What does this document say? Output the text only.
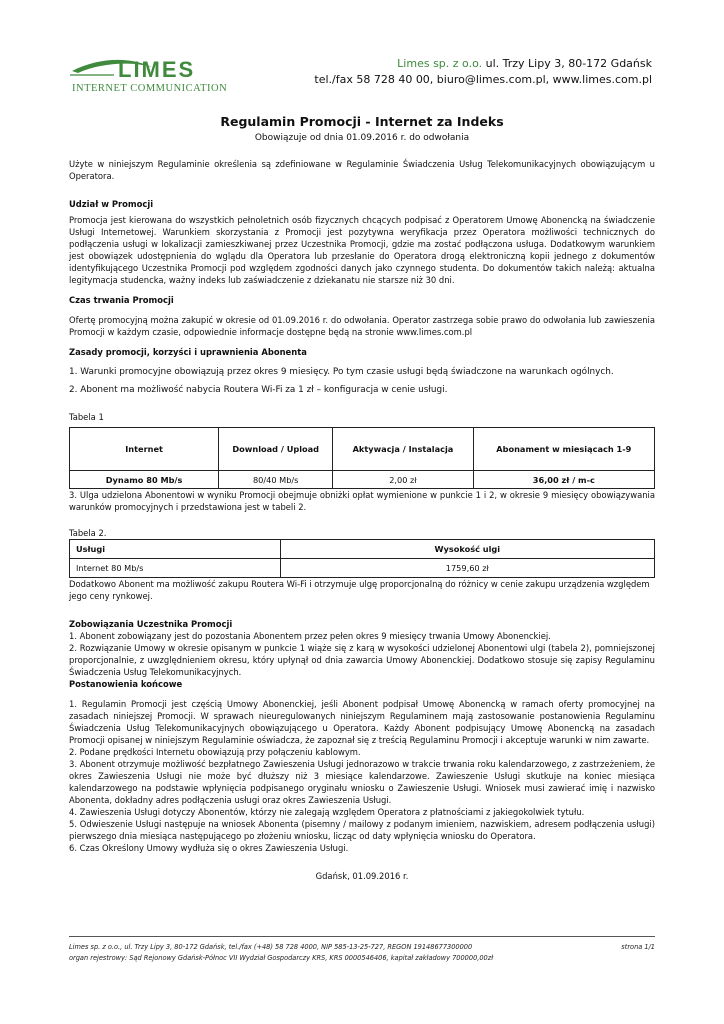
LIMES
INTERNET COMMUNICATION
Limes sp. z o.o. ul. Trzy Lipy 3, 80-172 Gdańsk
tel./fax 58 728 40 00, biuro@limes.com.pl, www.limes.com.pl
Regulamin Promocji - Internet za Indeks
Obowiązuje od dnia 01.09.2016 r. do odwołania

Użyte w niniejszym Regulaminie określenia są zdefiniowane w Regulaminie Świadczenia Usług Telekomunikacyjnych obowiązującym u Operatora.

Udział w Promocji

Promocja jest kierowana do wszystkich pełnoletnich osób fizycznych chcących podpisać z Operatorem Umowę Abonencką na świadczenie Usługi Internetowej. Warunkiem skorzystania z Promocji jest pozytywna weryfikacja przez Operatora możliwości technicznych do podłączenia usługi w lokalizacji zamieszkiwanej przez Uczestnika Promocji, gdzie ma zostać podłączona usługa. Dodatkowym warunkiem jest obowiązek udostępnienia do wglądu dla Operatora lub przesłanie do Operatora drogą elektroniczną kopii jednego z dokumentów identyfikującego Uczestnika Promocji pod względem zgodności danych jako czynnego studenta. Do dokumentów takich należą: aktualna legitymacja studencka, ważny indeks lub zaświadczenie z dziekanatu nie starsze niż 30 dni.

Czas trwania Promocji

Ofertę promocyjną można zakupić w okresie od 01.09.2016 r. do odwołania. Operator zastrzega sobie prawo do odwołania lub zawieszenia Promocji w każdym czasie, odpowiednie informacje dostępne będą na stronie www.limes.com.pl

Zasady promocji, korzyści i uprawnienia Abonenta

1. Warunki promocyjne obowiązują przez okres 9 miesięcy. Po tym czasie usługi będą świadczone na warunkach ogólnych.

2. Abonent ma możliwość nabycia Routera Wi-Fi za 1 zł – konfiguracja w cenie usługi.

Tabela 1

Internet	Download / Upload	Aktywacja / Instalacja	Abonament w miesiącach 1-9
Dynamo 80 Mb/s	80/40 Mb/s	2,00 zł	36,00 zł / m-c

3. Ulga udzielona Abonentowi w wyniku Promocji obejmuje obniżki opłat wymienione w punkcie 1 i 2, w okresie 9 miesięcy obowiązywania warunków promocyjnych i przedstawiona jest w tabeli 2.

Tabela 2.

Usługi	Wysokość ulgi
Internet 80 Mb/s	1759,60 zł

Dodatkowo Abonent ma możliwość zakupu Routera Wi-Fi i otrzymuje ulgę proporcjonalną do różnicy w cenie zakupu urządzenia względem jego ceny rynkowej.

Zobowiązania Uczestnika Promocji

1. Abonent zobowiązany jest do pozostania Abonentem przez pełen okres 9 miesięcy trwania Umowy Abonenckiej.

2. Rozwiązanie Umowy w okresie opisanym w punkcie 1 wiąże się z karą w wysokości udzielonej Abonentowi ulgi (tabela 2), pomniejszonej proporcjonalnie, z uwzględnieniem okresu, który upłynął od dnia zawarcia Umowy Abonenckiej. Dodatkowo stosuje się zapisy Regulaminu Świadczenia Usług Telekomunikacyjnych.

Postanowienia końcowe

1. Regulamin Promocji jest częścią Umowy Abonenckiej, jeśli Abonent podpisał Umowę Abonencką w ramach oferty promocyjnej na zasadach niniejszej Promocji. W sprawach nieuregulowanych niniejszym Regulaminem mają zastosowanie postanowienia Regulaminu Świadczenia Usług Telekomunikacyjnych obowiązującego u Operatora. Każdy Abonent podpisujący Umowę Abonencką na zasadach Promocji opisanej w niniejszym Regulaminie oświadcza, że zapoznał się z treścią Regulaminu Promocji i akceptuje warunki w nim zawarte.

2. Podane prędkości Internetu obowiązują przy połączeniu kablowym.

3. Abonent otrzymuje możliwość bezpłatnego Zawieszenia Usługi jednorazowo w trakcie trwania roku kalendarzowego, z zastrzeżeniem, że okres Zawieszenia Usługi nie może być dłuższy niż 3 miesiące kalendarzowe. Zawieszenie Usługi skutkuje na koniec miesiąca kalendarzowego na podstawie wpłynięcia podpisanego oryginału wniosku o Zawieszenie Usługi. Wniosek musi zawierać imię i nazwisko Abonenta, dokładny adres podłączenia usługi oraz okres Zawieszenia Usługi.

4. Zawieszenia Usługi dotyczy Abonentów, którzy nie zalegają względem Operatora z płatnościami z jakiegokolwiek tytułu.

5. Odwieszenie Usługi następuje na wniosek Abonenta (pisemny / mailowy z podanym imieniem, nazwiskiem, adresem podłączenia usługi) pierwszego dnia miesiąca następującego po złożeniu wniosku, licząc od daty wpłynięcia wniosku do Operatora.

6. Czas Określony Umowy wydłuża się o okres Zawieszenia Usługi.

Gdańsk, 01.09.2016 r.

Limes sp. z o.o., ul. Trzy Lipy 3, 80-172 Gdańsk, tel./fax (+48) 58 728 4000, NIP 585-13-25-727, REGON 19148677300000	strona 1/1
organ rejestrowy: Sąd Rejonowy Gdańsk-Północ VII Wydział Gospodarczy KRS, KRS 0000546406, kapitał zakładowy 700000,00zł
